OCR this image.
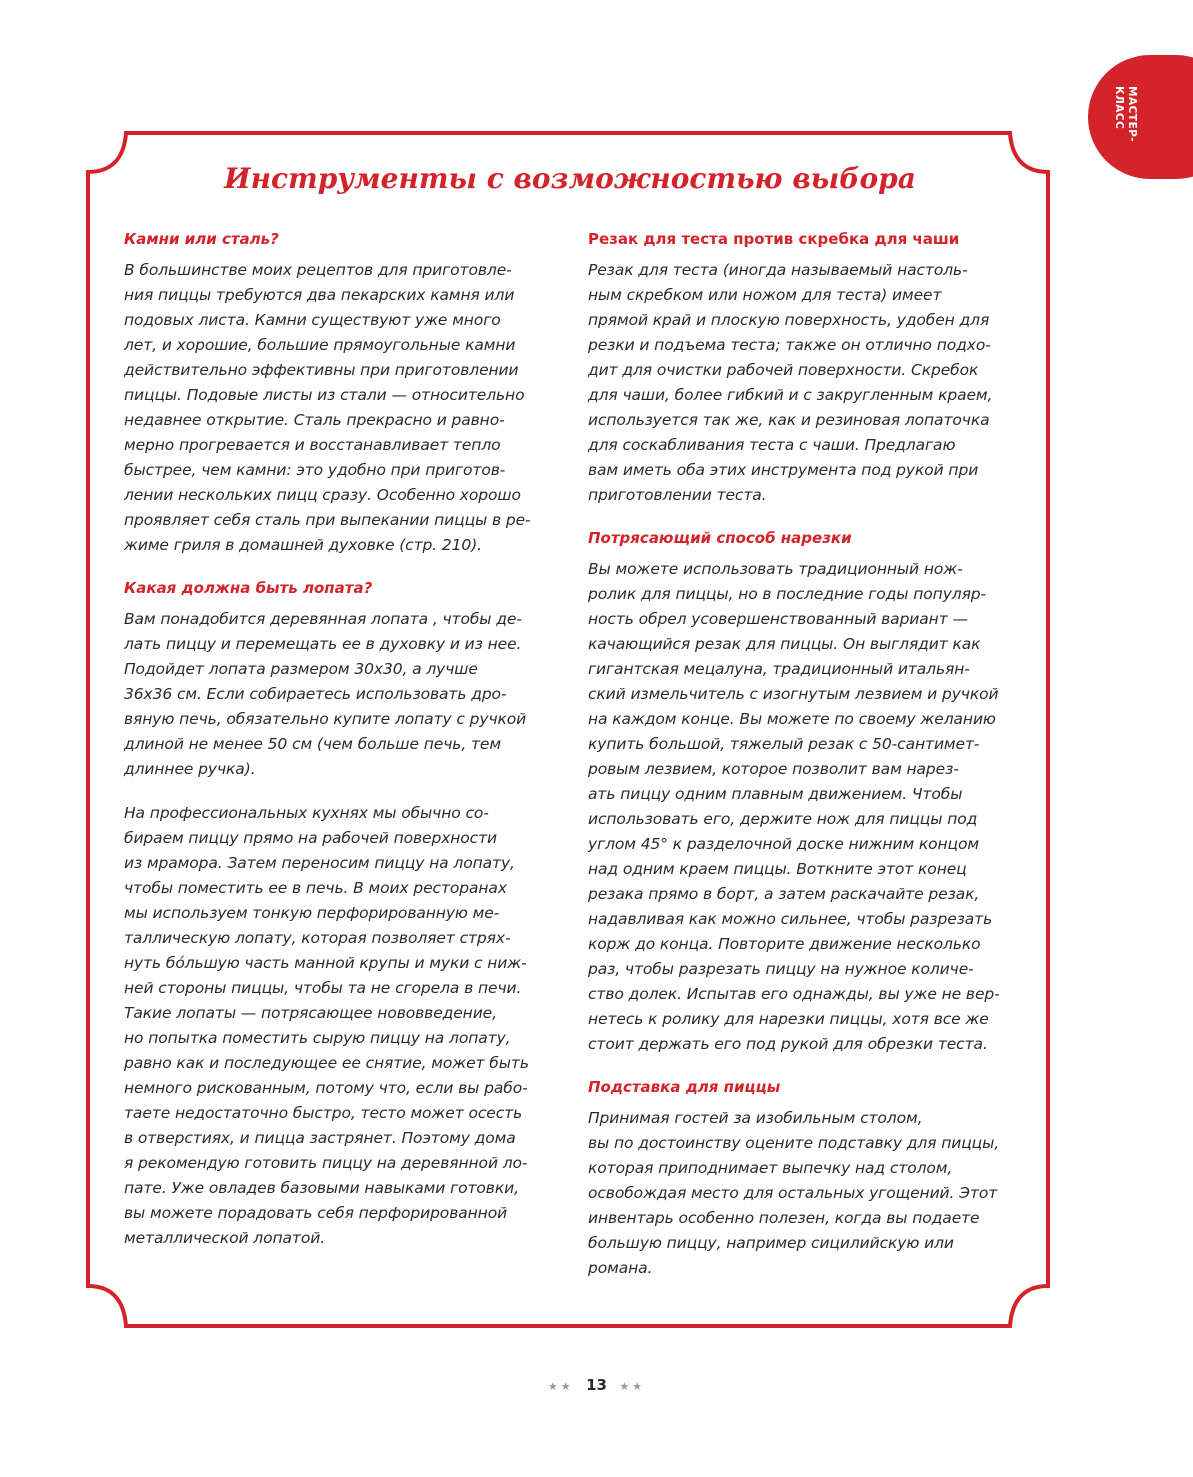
МАСТЕР- КЛАСС
Инструменты с возможностью выбора
Камни или сталь?

В большинстве моих рецептов для приготовле-
ния пиццы требуются два пекарских камня или
подовых листа. Камни существуют уже много
лет, и хорошие, большие прямоугольные камни
действительно эффективны при приготовлении
пиццы. Подовые листы из стали — относительно
недавнее открытие. Сталь прекрасно и равно-
мерно прогревается и восстанавливает тепло
быстрее, чем камни: это удобно при приготов-
лении нескольких пицц сразу. Особенно хорошо
проявляет себя сталь при выпекании пиццы в ре-
жиме гриля в домашней духовке (стр. 210).

Какая должна быть лопата?

Вам понадобится деревянная лопата , чтобы де-
лать пиццу и перемещать ее в духовку и из нее.
Подойдет лопата размером 30х30, а лучше
36х36 см. Если собираетесь использовать дро-
вяную печь, обязательно купите лопату с ручкой
длиной не менее 50 см (чем больше печь, тем
длиннее ручка).

На профессиональных кухнях мы обычно со-
бираем пиццу прямо на рабочей поверхности
из мрамора. Затем переносим пиццу на лопату,
чтобы поместить ее в печь. В моих ресторанах
мы используем тонкую перфорированную ме-
таллическую лопату, которая позволяет стрях-
нуть бóльшую часть манной крупы и муки с ниж-
ней стороны пиццы, чтобы та не сгорела в печи.
Такие лопаты — потрясающее нововведение,
но попытка поместить сырую пиццу на лопату,
равно как и последующее ее снятие, может быть
немного рискованным, потому что, если вы рабо-
таете недостаточно быстро, тесто может осесть
в отверстиях, и пицца застрянет. Поэтому дома
я рекомендую готовить пиццу на деревянной ло-
пате. Уже овладев базовыми навыками готовки,
вы можете порадовать себя перфорированной
металлической лопатой.

Резак для теста против скребка для чаши

Резак для теста (иногда называемый настоль-
ным скребком или ножом для теста) имеет
прямой край и плоскую поверхность, удобен для
резки и подъема теста; также он отлично подхо-
дит для очистки рабочей поверхности. Скребок
для чаши, более гибкий и с закругленным краем,
используется так же, как и резиновая лопаточка
для соскабливания теста с чаши. Предлагаю
вам иметь оба этих инструмента под рукой при
приготовлении теста.

Потрясающий способ нарезки

Вы можете использовать традиционный нож-
ролик для пиццы, но в последние годы популяр-
ность обрел усовершенствованный вариант —
качающийся резак для пиццы. Он выглядит как
гигантская мецалуна, традиционный итальян-
ский измельчитель с изогнутым лезвием и ручкой
на каждом конце. Вы можете по своему желанию
купить большой, тяжелый резак с 50-сантимет-
ровым лезвием, которое позволит вам нарез-
ать пиццу одним плавным движением. Чтобы
использовать его, держите нож для пиццы под
углом 45° к разделочной доске нижним концом
над одним краем пиццы. Воткните этот конец
резака прямо в борт, а затем раскачайте резак,
надавливая как можно сильнее, чтобы разрезать
корж до конца. Повторите движение несколько
раз, чтобы разрезать пиццу на нужное количе-
ство долек. Испытав его однажды, вы уже не вер-
нетесь к ролику для нарезки пиццы, хотя все же
стоит держать его под рукой для обрезки теста.

Подставка для пиццы

Принимая гостей за изобильным столом,
вы по достоинству оцените подставку для пиццы,
которая приподнимает выпечку над столом,
освобождая место для остальных угощений. Этот
инвентарь особенно полезен, когда вы подаете
большую пиццу, например сицилийскую или
романа.

★★ 13 ★★
